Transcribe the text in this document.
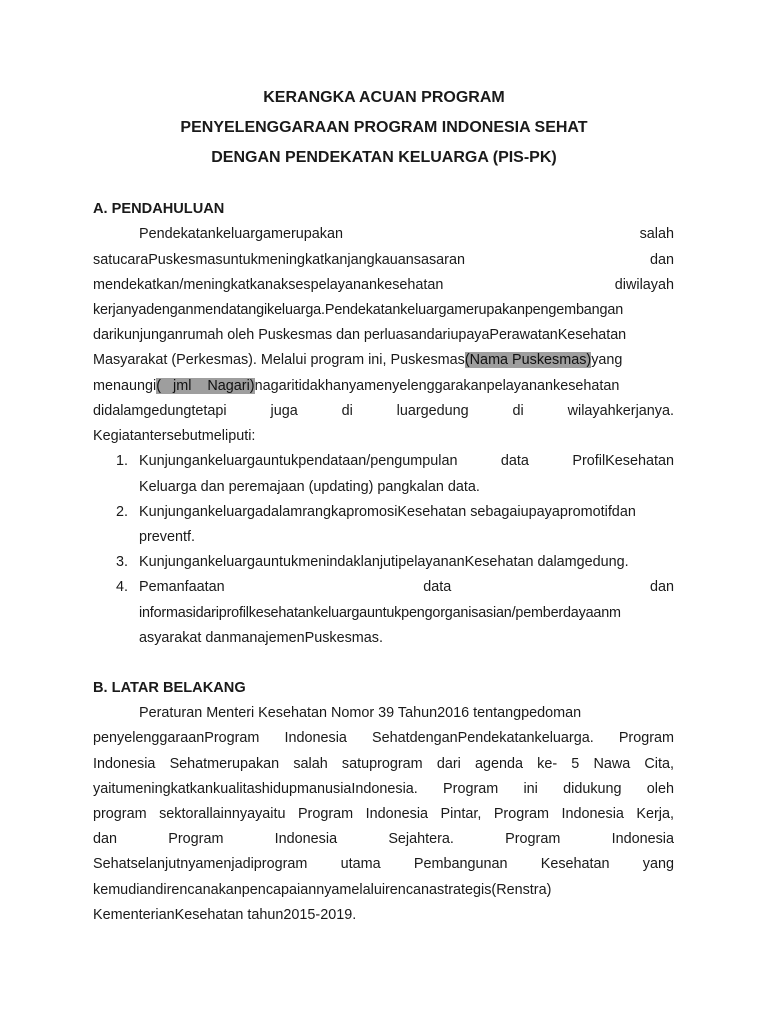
KERANGKA ACUAN PROGRAM
PENYELENGGARAAN PROGRAM INDONESIA SEHAT
DENGAN PENDEKATAN KELUARGA (PIS-PK)
A. PENDAHULUAN
Pendekatankeluargamerupakan salah
satucaraPuskesmasuntukmeningkatkanjangkauansasaran dan
mendekatkan/meningkatkanaksespelayanankesehatan diwilayah
kerjanyadenganmendatangikeluarga.Pendekatankeluargamerupakanpengembangan
darikunjunganrumah oleh Puskesmas dan perluasandariupayaPerawatanKesehatan
Masyarakat (Perkesmas). Melalui program ini, Puskesmas(Nama Puskesmas)yang
menaungi(   jml    Nagari)nagaritidakhanyamenyelenggarakanpelayanankesehatan
didalamgedungtetapi juga di luargedung di wilayahkerjanya.
Kegiatantersebutmeliputi:
1. Kunjungankeluargauntukpendataan/pengumpulan data ProfilKesehatan
Keluarga dan peremajaan (updating) pangkalan data.
2. KunjungankeluargadalamrangkapromosiKesehatan sebagaiupayapromotifdan
preventf.
3. KunjungankeluargauntukmenindaklanjutipelayananKesehatan dalamgedung.
4. Pemanfaatan data dan
informasidariprofilkesehatankeluargauntukpengorganisasian/pemberdayaanm
asyarakat danmanajemenPuskesmas.
B. LATAR BELAKANG
Peraturan Menteri Kesehatan Nomor 39 Tahun2016 tentangpedoman
penyelenggaraanProgram Indonesia SehatdenganPendekatankeluarga. Program
Indonesia Sehatmerupakan salah satuprogram dari agenda ke- 5 Nawa Cita,
yaitumeningkatkankualitashidupmanusiaIndonesia. Program ini didukung oleh
program sektorallainnyayaitu Program Indonesia Pintar, Program Indonesia Kerja,
dan Program Indonesia Sejahtera. Program Indonesia
Sehatselanjutnyamenjadiprogram utama Pembangunan Kesehatan yang
kemudiandirencanakanpencapaiannyamelaluirencanastrategis(Renstra)
KementerianKesehatan tahun2015-2019.
